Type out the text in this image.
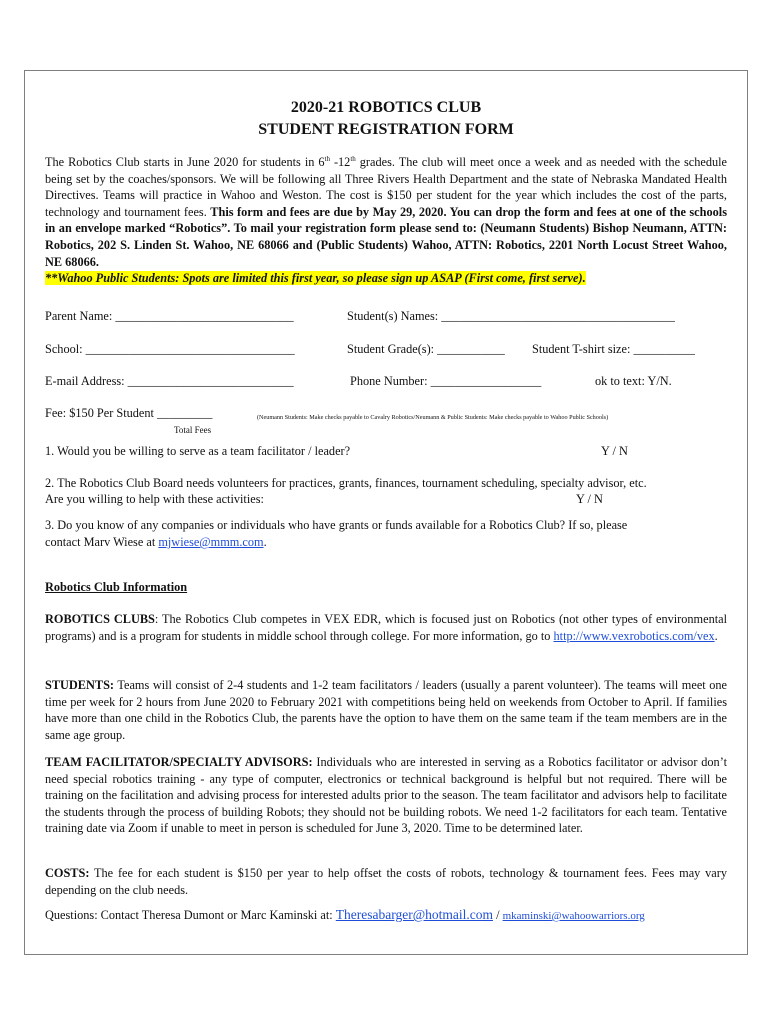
2020-21 ROBOTICS CLUB
STUDENT REGISTRATION FORM
The Robotics Club starts in June 2020 for students in 6th -12th grades. The club will meet once a week and as needed with the schedule being set by the coaches/sponsors. We will be following all Three Rivers Health Department and the state of Nebraska Mandated Health Directives. Teams will practice in Wahoo and Weston. The cost is $150 per student for the year which includes the cost of the parts, technology and tournament fees. This form and fees are due by May 29, 2020. You can drop the form and fees at one of the schools in an envelope marked “Robotics”. To mail your registration form please send to: (Neumann Students) Bishop Neumann, ATTN: Robotics, 202 S. Linden St. Wahoo, NE 68066 and (Public Students) Wahoo, ATTN: Robotics, 2201 North Locust Street Wahoo, NE 68066.
**Wahoo Public Students: Spots are limited this first year, so please sign up ASAP (First come, first serve).
Parent Name: _____________________________	Student(s) Names: ______________________________________
School: __________________________________	Student Grade(s): ___________ Student T-shirt size: __________
E-mail Address: ___________________________	Phone Number: __________________	ok to text: Y/N.
Fee: $150 Per Student _________	(Neumann Students: Make checks payable to Cavalry Robotics/Neumann & Public Students: Make checks payable to Wahoo Public Schools)
Total Fees
1. Would you be willing to serve as a team facilitator / leader?	Y / N
2. The Robotics Club Board needs volunteers for practices, grants, finances, tournament scheduling, specialty advisor, etc.
Are you willing to help with these activities:	Y / N
3. Do you know of any companies or individuals who have grants or funds available for a Robotics Club? If so, please
contact Marv Wiese at mjwiese@mmm.com.
Robotics Club Information
ROBOTICS CLUBS: The Robotics Club competes in VEX EDR, which is focused just on Robotics (not other types of environmental programs) and is a program for students in middle school through college. For more information, go to http://www.vexrobotics.com/vex.
STUDENTS: Teams will consist of 2-4 students and 1-2 team facilitators / leaders (usually a parent volunteer). The teams will meet one time per week for 2 hours from June 2020 to February 2021 with competitions being held on weekends from October to April. If families have more than one child in the Robotics Club, the parents have the option to have them on the same team if the team members are in the same age group.
TEAM FACILITATOR/SPECIALTY ADVISORS: Individuals who are interested in serving as a Robotics facilitator or advisor don’t need special robotics training - any type of computer, electronics or technical background is helpful but not required. There will be training on the facilitation and advising process for interested adults prior to the season. The team facilitator and advisors help to facilitate the students through the process of building Robots; they should not be building robots. We need 1-2 facilitators for each team. Tentative training date via Zoom if unable to meet in person is scheduled for June 3, 2020. Time to be determined later.
COSTS: The fee for each student is $150 per year to help offset the costs of robots, technology & tournament fees. Fees may vary depending on the club needs.
Questions: Contact Theresa Dumont or Marc Kaminski at: Theresabarger@hotmail.com / mkaminski@wahoowarriors.org
